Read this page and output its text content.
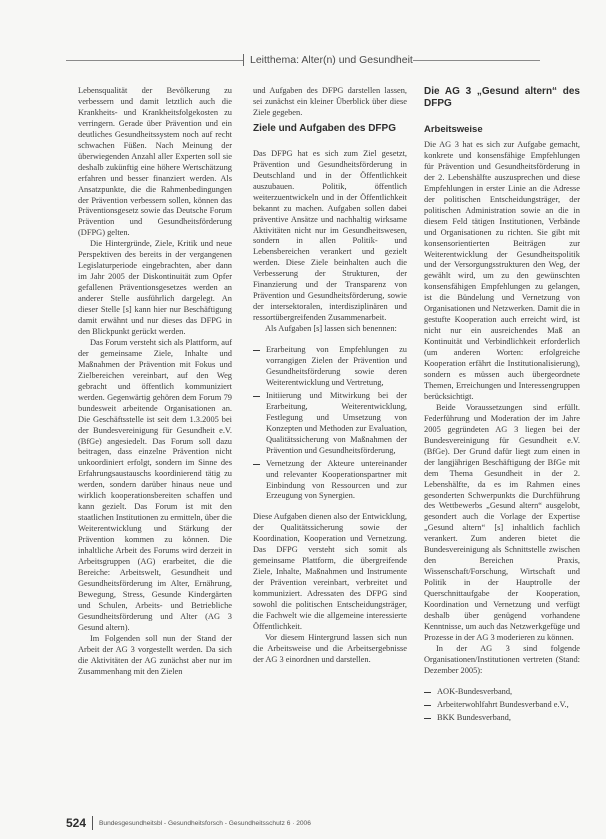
Leitthema: Alter(n) und Gesundheit

Lebensqualität der Bevölkerung zu verbessern und damit letztlich auch die Krankheits- und Krankheitsfolgekosten zu verringern. Gerade über Prävention und ein deutliches Gesundheitssystem noch auf recht schwachen Füßen. Nach Meinung der überwiegenden Anzahl aller Experten soll sie deshalb zukünftig eine höhere Wertschätzung erfahren und besser finanziert werden. Als Ansatzpunkte, die die Rahmenbedingungen der Prävention verbessern sollen, können das Präventionsgesetz sowie das Deutsche Forum Prävention und Gesundheitsförderung (DFPG) gelten.

Die Hintergründe, Ziele, Kritik und neue Perspektiven des bereits in der vergangenen Legislaturperiode eingebrachten, aber dann im Jahr 2005 der Diskontinuität zum Opfer gefallenen Präventionsgesetzes werden an anderer Stelle ausführlich dargelegt. An dieser Stelle [s] kann hier nur Beschäftigung damit erwähnt und nur dieses das DFPG in den Blickpunkt gerückt werden.

Das Forum versteht sich als Plattform, auf der gemeinsame Ziele, Inhalte und Maßnahmen der Prävention mit Fokus und Zielbereichen vereinbart, auf den Weg gebracht und öffentlich kommuniziert werden. Gegenwärtig gehören dem Forum 79 bundesweit arbeitende Organisationen an. Die Geschäftsstelle ist seit dem 1.3.2005 bei der Bundesvereinigung für Gesundheit e.V. (BfGe) angesiedelt. Das Forum soll dazu beitragen, dass einzelne Prävention nicht unkoordiniert erfolgt, sondern im Sinne des Erfahrungsaustauschs koordinierend tätig zu werden, sondern darüber hinaus neue und wirklich kooperationsbereiten schaffen und kann gezielt. Das Forum ist mit den staatlichen Institutionen zu ermitteln, über die Weiterentwicklung und Stärkung der Prävention kommen zu können. Die inhaltliche Arbeit des Forums wird derzeit in Arbeitsgruppen (AG) erarbeitet, die die Bereiche: Arbeitswelt, Gesundheit und Gesundheitsförderung im Alter, Ernährung, Bewegung, Stress, Gesunde Kindergärten und Schulen, Arbeits- und Betriebliche Gesundheitsförderung und Alter (AG 3 Gesund altern).

Im Folgenden soll nun der Stand der Arbeit der AG 3 vorgestellt werden. Da sich die Aktivitäten der AG zunächst aber nur im Zusammenhang mit den Zielen

und Aufgaben des DFPG darstellen lassen, sei zunächst ein kleiner Überblick über diese Ziele gegeben.

Ziele und Aufgaben des DFPG

Das DFPG hat es sich zum Ziel gesetzt, Prävention und Gesundheitsförderung in Deutschland und in der Öffentlichkeit auszubauen. Politik, öffentlich weiterzuentwickeln und in der Öffentlichkeit bekannt zu machen. Aufgaben sollen dabei präventive Ansätze und nachhaltig wirksame Aktivitäten nicht nur im Gesundheitswesen, sondern in allen Politik- und Lebensbereichen verankert und gezielt werden. Diese Ziele beinhalten auch die Verbesserung der Strukturen, der Finanzierung und der Transparenz von Prävention und Gesundheitsförderung, sowie der intersektoralen, interdisziplinären und ressortübergreifenden Zusammenarbeit.

Als Aufgaben [s] lassen sich benennen:

Erarbeitung von Empfehlungen zu vorrangigen Zielen der Prävention und Gesundheitsförderung sowie deren Weiterentwicklung und Vertretung,
Initiierung und Mitwirkung bei der Erarbeitung, Weiterentwicklung, Festlegung und Umsetzung von Konzepten und Methoden zur Evaluation, Qualitätssicherung von Maßnahmen der Prävention und Gesundheitsförderung,
Vernetzung der Akteure untereinander und relevanter Kooperationspartner mit Einbindung von Ressourcen und zur Erzeugung von Synergien.

Diese Aufgaben dienen also der Entwicklung, der Qualitätssicherung sowie der Koordination, Kooperation und Vernetzung. Das DFPG versteht sich somit als gemeinsame Plattform, die übergreifende Ziele, Inhalte, Maßnahmen und Instrumente der Prävention vereinbart, verbreitet und kommuniziert. Adressaten des DFPG sind sowohl die politischen Entscheidungsträger, die Fachwelt wie die allgemeine interessierte Öffentlichkeit.

Vor diesem Hintergrund lassen sich nun die Arbeitsweise und die Arbeitsergebnisse der AG 3 einordnen und darstellen.

Die AG 3 „Gesund altern“ des DFPG
Arbeitsweise

Die AG 3 hat es sich zur Aufgabe gemacht, konkrete und konsensfähige Empfehlungen für Prävention und Gesundheitsförderung in der 2. Lebenshälfte auszusprechen und diese Empfehlungen in erster Linie an die Adresse der politischen Entscheidungsträger, der politischen Administration sowie an die in diesem Feld tätigen Institutionen, Verbände und Organisationen zu richten. Sie gibt mit konsensorientierten Beiträgen zur Weiterentwicklung der Gesundheitspolitik und der Versorgungsstrukturen den Weg, der gewählt wird, um zu den gewünschten konsensfähigen Empfehlungen zu gelangen, ist die Bündelung und Vernetzung von Organisationen und Netzwerken. Damit die in gestufte Kooperation auch erreicht wird, ist nicht nur ein ausreichendes Maß an Kontinuität und Verbindlichkeit erforderlich (um anderen Worten: erfolgreiche Kooperation erfährt die Institutionalisierung), sondern es müssen auch übergeordnete Themen, Erreichungen und Interessengruppen berücksichtigt.

Beide Voraussetzungen sind erfüllt. Federführung und Moderation der im Jahre 2005 gegründeten AG 3 liegen bei der Bundesvereinigung für Gesundheit e.V. (BfGe). Der Grund dafür liegt zum einen in der langjährigen Beschäftigung der BfGe mit dem Thema Gesundheit in der 2. Lebenshälfte, da es im Rahmen eines gesonderten Schwerpunkts die Durchführung des Wettbewerbs „Gesund altern“ ausgelobt, gesondert auch die Vorlage der Expertise „Gesund altern“ [s] inhaltlich fachlich verankert. Zum anderen bietet die Bundesvereinigung als Schnittstelle zwischen den Bereichen Praxis, Wissenschaft/Forschung, Wirtschaft und Politik in der Hauptrolle der Querschnittaufgabe der Kooperation, Koordination und Vernetzung und verfügt deshalb über genügend vorhandene Kenntnisse, um auch das Netzwerkgefüge und Prozesse in der AG 3 moderieren zu können.

In der AG 3 sind folgende Organisationen/Institutionen vertreten (Stand: Dezember 2005):

AOK-Bundesverband,
Arbeiterwohlfahrt Bundesverband e.V.,
BKK Bundesverband,
524	Bundesgesundheitsbl - Gesundheitsforsch - Gesundheitsschutz 6 · 2006
